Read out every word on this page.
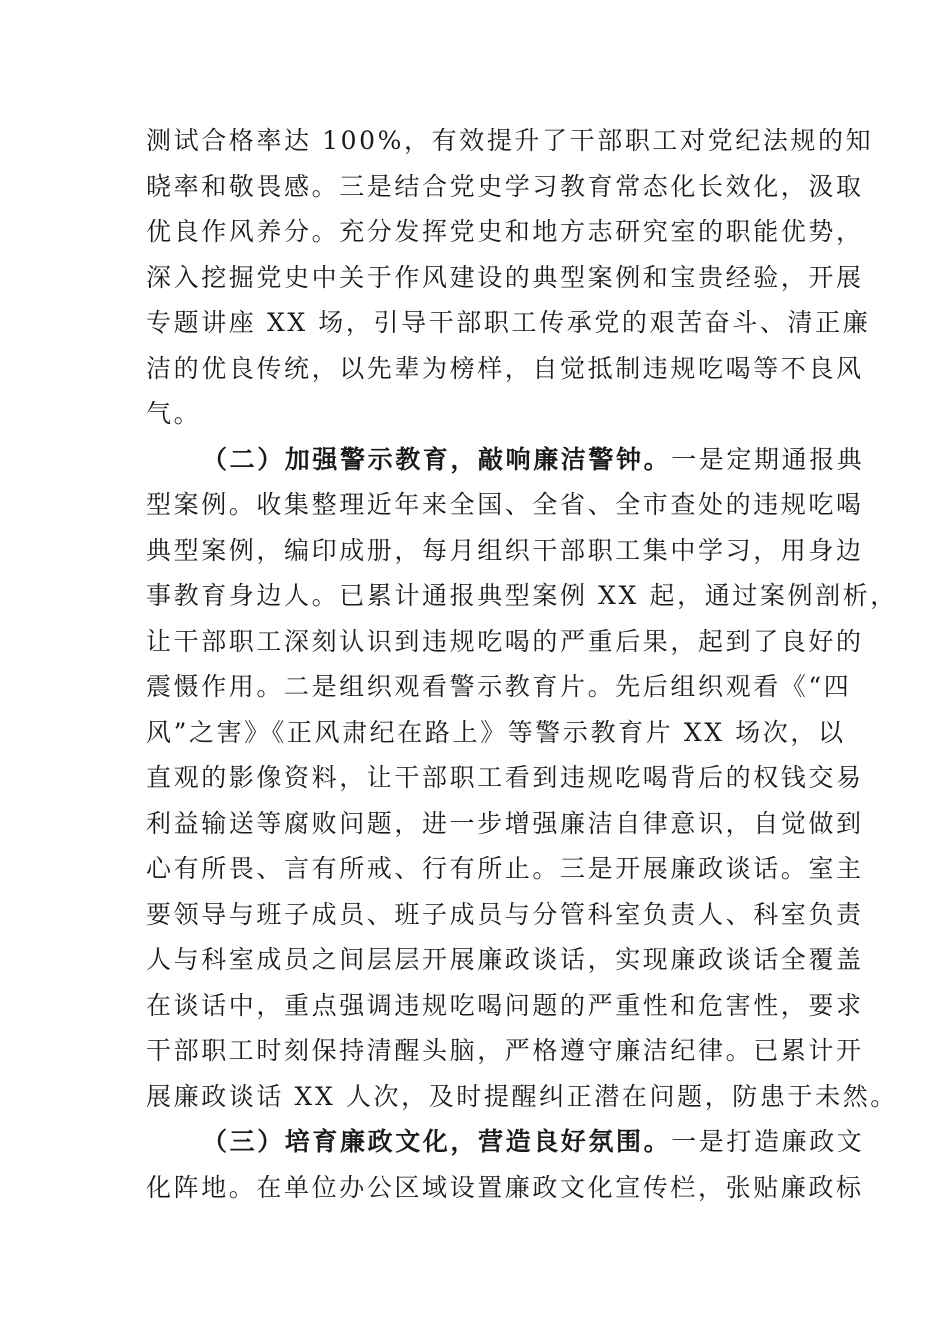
测试合格率达 100%，有效提升了干部职工对党纪法规的知
晓率和敬畏感。三是结合党史学习教育常态化长效化，汲取
优良作风养分。充分发挥党史和地方志研究室的职能优势，
深入挖掘党史中关于作风建设的典型案例和宝贵经验，开展
专题讲座 XX 场，引导干部职工传承党的艰苦奋斗、清正廉
洁的优良传统，以先辈为榜样，自觉抵制违规吃喝等不良风
气。
（二）加强警示教育，敲响廉洁警钟。一是定期通报典
型案例。收集整理近年来全国、全省、全市查处的违规吃喝
典型案例，编印成册，每月组织干部职工集中学习，用身边
事教育身边人。已累计通报典型案例 XX 起，通过案例剖析，
让干部职工深刻认识到违规吃喝的严重后果，起到了良好的
震慑作用。二是组织观看警示教育片。先后组织观看《“四
风”之害》《正风肃纪在路上》等警示教育片 XX 场次，以
直观的影像资料，让干部职工看到违规吃喝背后的权钱交易
利益输送等腐败问题，进一步增强廉洁自律意识，自觉做到
心有所畏、言有所戒、行有所止。三是开展廉政谈话。室主
要领导与班子成员、班子成员与分管科室负责人、科室负责
人与科室成员之间层层开展廉政谈话，实现廉政谈话全覆盖
在谈话中，重点强调违规吃喝问题的严重性和危害性，要求
干部职工时刻保持清醒头脑，严格遵守廉洁纪律。已累计开
展廉政谈话 XX 人次，及时提醒纠正潜在问题，防患于未然。
（三）培育廉政文化，营造良好氛围。一是打造廉政文
化阵地。在单位办公区域设置廉政文化宣传栏，张贴廉政标
